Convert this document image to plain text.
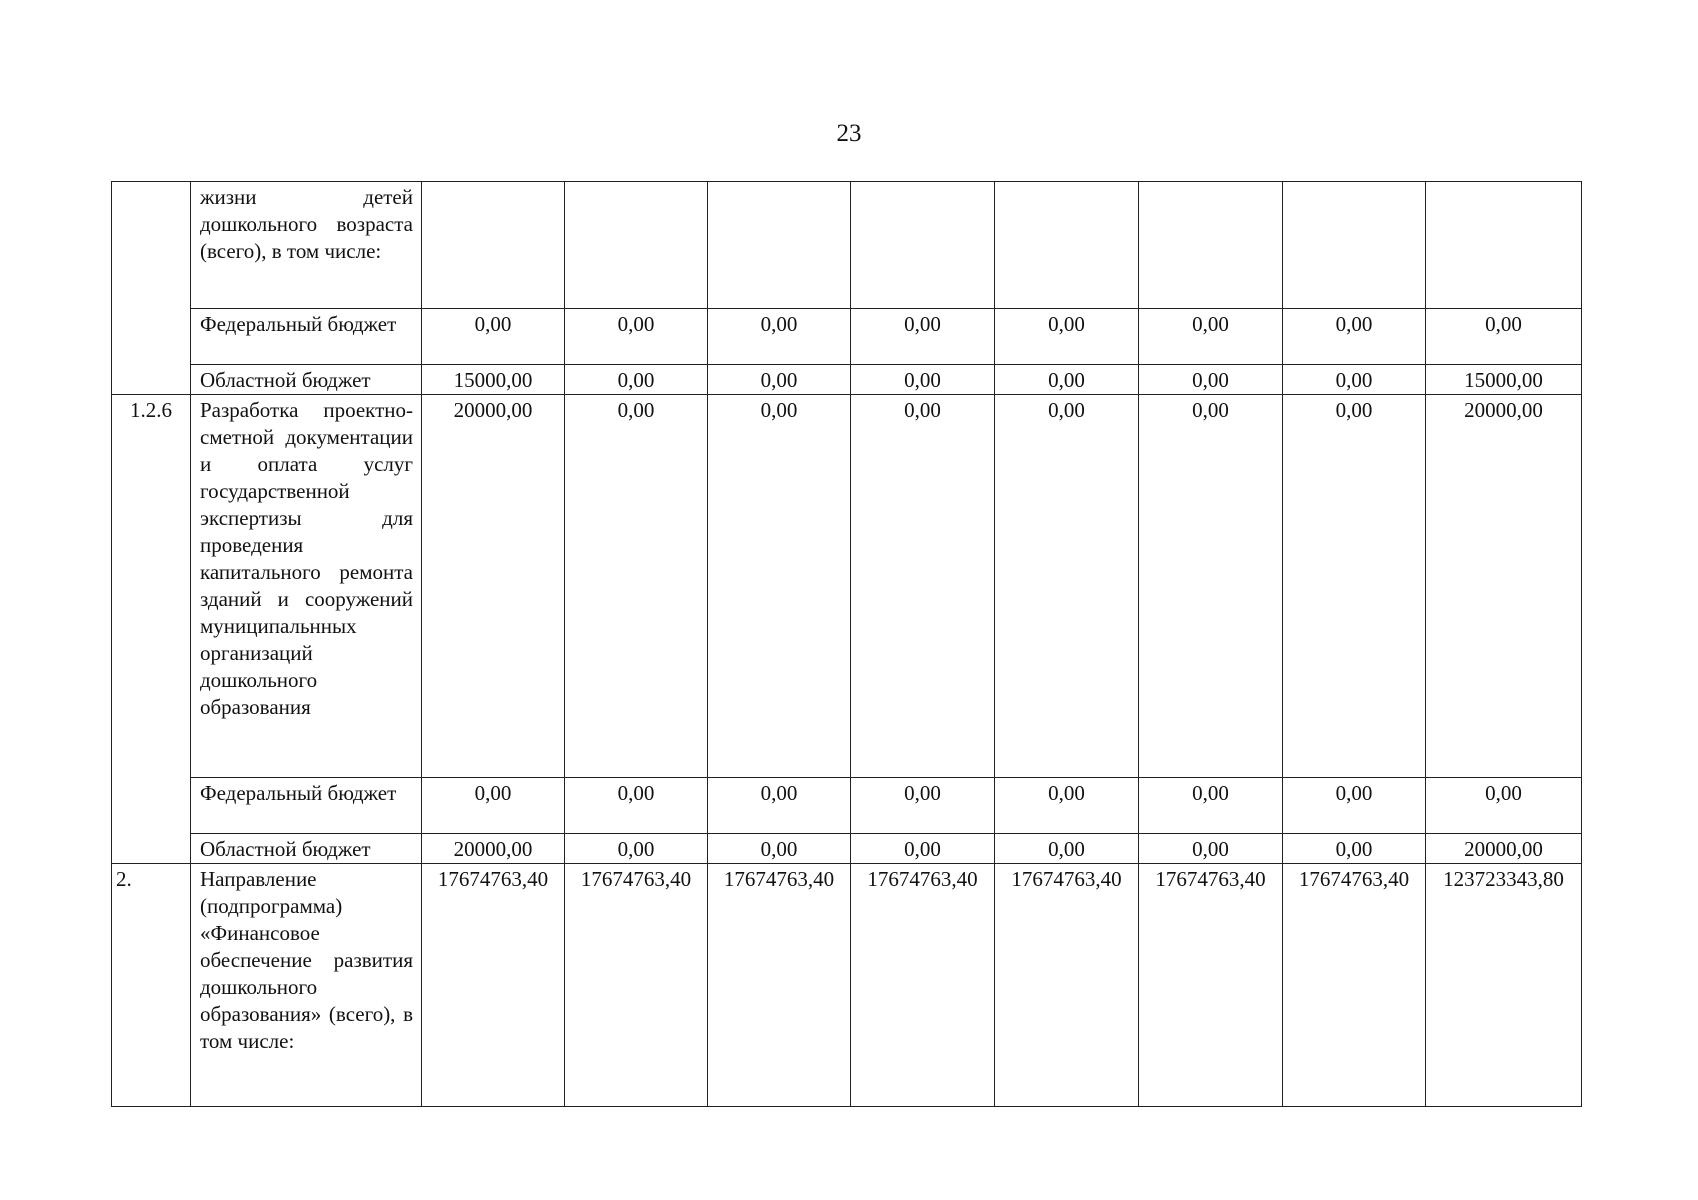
23
	жизни детей дошкольного возраста (всего), в том числе:								
	Федеральный бюджет	0,00	0,00	0,00	0,00	0,00	0,00	0,00	0,00
	Областной бюджет	15000,00	0,00	0,00	0,00	0,00	0,00	0,00	15000,00
1.2.6	Разработка проектно-сметной документации и оплата услуг государственной экспертизы для проведения капитального ремонта зданий и сооружений муниципальнных организаций дошкольного образования	20000,00	0,00	0,00	0,00	0,00	0,00	0,00	20000,00
	Федеральный бюджет	0,00	0,00	0,00	0,00	0,00	0,00	0,00	0,00
	Областной бюджет	20000,00	0,00	0,00	0,00	0,00	0,00	0,00	20000,00
2.	Направление (подпрограмма) «Финансовое обеспечение развития дошкольного образования» (всего), в том числе:	17674763,40	17674763,40	17674763,40	17674763,40	17674763,40	17674763,40	17674763,40	123723343,80
